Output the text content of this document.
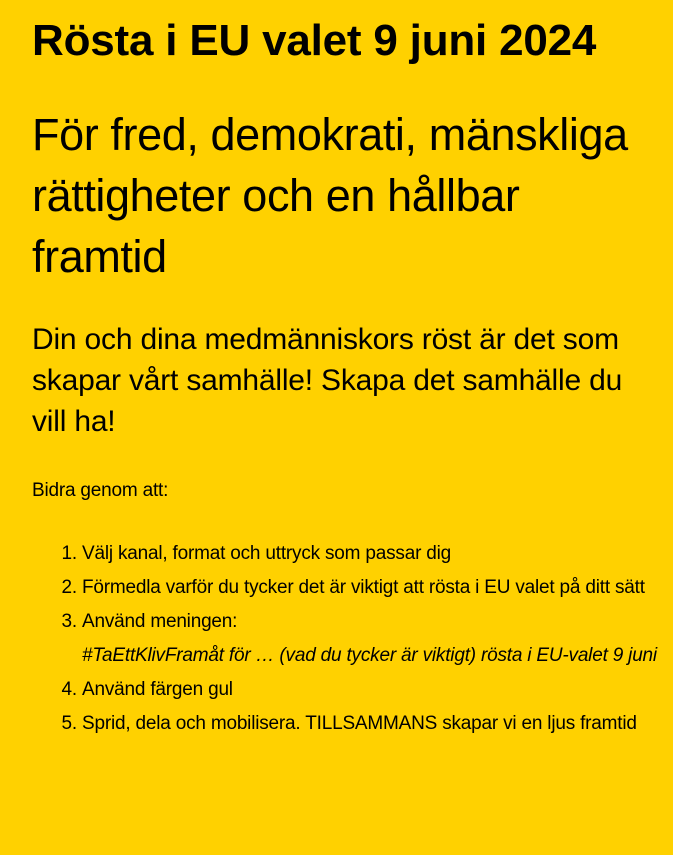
Rösta i EU valet 9 juni 2024
För fred, demokrati, mänskliga rättigheter och en hållbar framtid

Din och dina medmänniskors röst är det som skapar vårt samhälle! Skapa det samhälle du vill ha!

Bidra genom att:

1. Välj kanal, format och uttryck som passar dig
2. Förmedla varför du tycker det är viktigt att rösta i EU valet på ditt sätt
3. Använd meningen:
#TaEttKlivFramåt för … (vad du tycker är viktigt) rösta i EU-valet 9 juni
4. Använd färgen gul
5. Sprid, dela och mobilisera. TILLSAMMANS skapar vi en ljus framtid
